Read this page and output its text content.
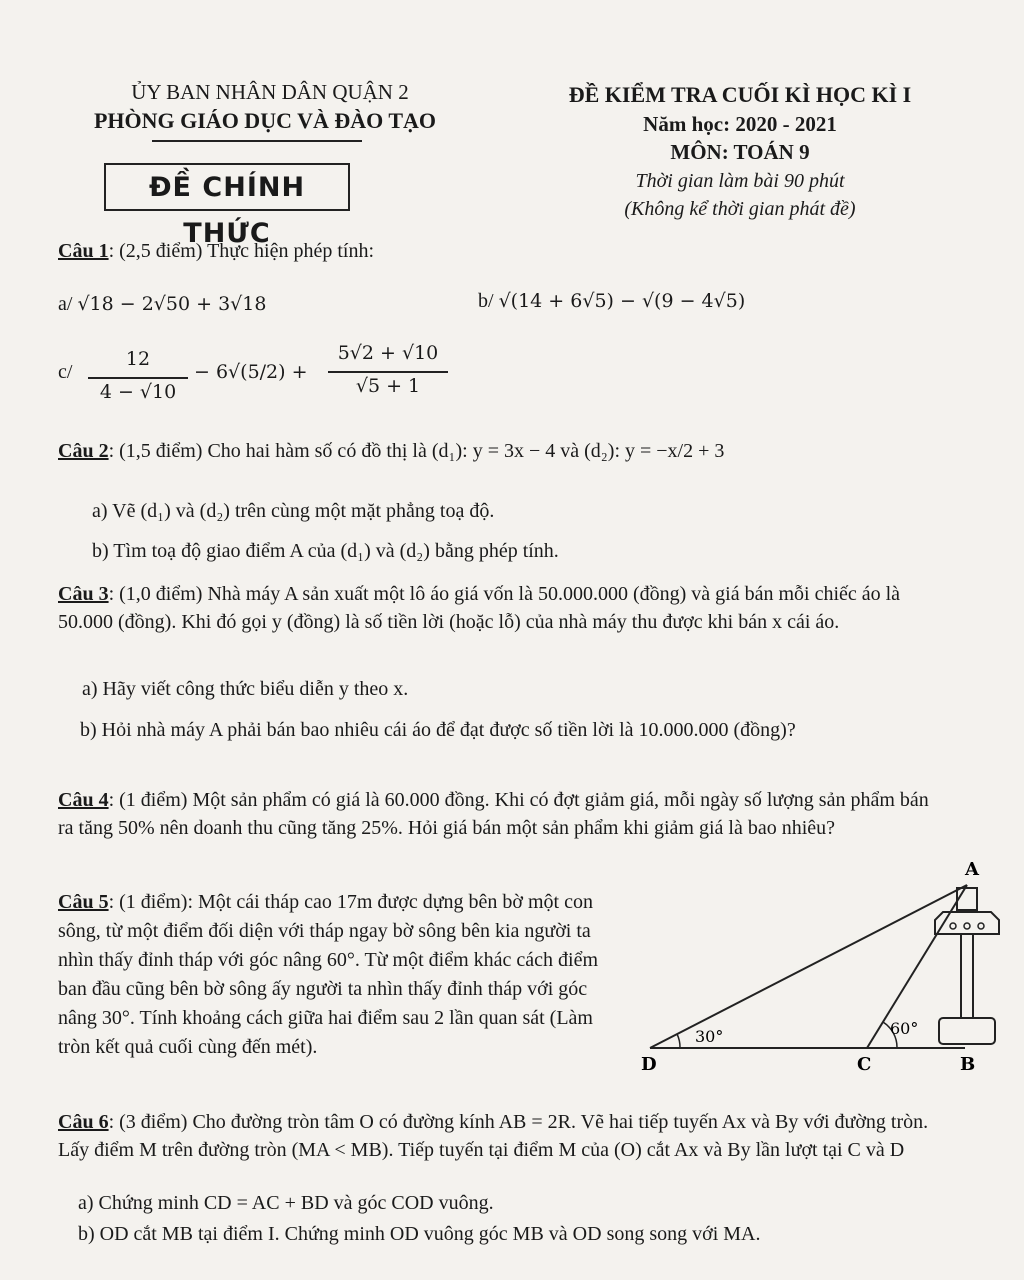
ỦY BAN NHÂN DÂN QUẬN 2
PHÒNG GIÁO DỤC VÀ ĐÀO TẠO
ĐỀ CHÍNH THỨC
ĐỀ KIỂM TRA CUỐI KÌ HỌC KÌ I
Năm học: 2020 - 2021
MÔN: TOÁN 9
Thời gian làm bài 90 phút
(Không kể thời gian phát đề)
Câu 1: (2,5 điểm) Thực hiện phép tính:
a/ √18 − 2√50 + 3√18	b/ √(14 + 6√5) − √(9 − 4√5)
c/
12
4 − √10
− 6√(5/2) +
5√2 + √10
√5 + 1
Câu 2: (1,5 điểm) Cho hai hàm số có đồ thị là (d₁): y = 3x − 4 và (d₂): y = −x/2 + 3
a) Vẽ (d₁) và (d₂) trên cùng một mặt phẳng toạ độ.
b) Tìm toạ độ giao điểm A của (d₁) và (d₂) bằng phép tính.
Câu 3: (1,0 điểm) Nhà máy A sản xuất một lô áo giá vốn là 50.000.000 (đồng) và giá bán mỗi chiếc áo là 50.000 (đồng). Khi đó gọi y (đồng) là số tiền lời (hoặc lỗ) của nhà máy thu được khi bán x cái áo.
a) Hãy viết công thức biểu diễn y theo x.
b) Hỏi nhà máy A phải bán bao nhiêu cái áo để đạt được số tiền lời là 10.000.000 (đồng)?
Câu 4: (1 điểm) Một sản phẩm có giá là 60.000 đồng. Khi có đợt giảm giá, mỗi ngày số lượng sản phẩm bán ra tăng 50% nên doanh thu cũng tăng 25%. Hỏi giá bán một sản phẩm khi giảm giá là bao nhiêu?
Câu 5: (1 điểm): Một cái tháp cao 17m được dựng bên bờ một con sông, từ một điểm đối diện với tháp ngay bờ sông bên kia người ta nhìn thấy đỉnh tháp với góc nâng 60°. Từ một điểm khác cách điểm ban đầu cũng bên bờ sông ấy người ta nhìn thấy đỉnh tháp với góc nâng 30°. Tính khoảng cách giữa hai điểm sau 2 lần quan sát (Làm tròn kết quả cuối cùng đến mét).	30°	60°
A
B
C
D
Câu 6: (3 điểm) Cho đường tròn tâm O có đường kính AB = 2R. Vẽ hai tiếp tuyến Ax và By với đường tròn. Lấy điểm M trên đường tròn (MA < MB). Tiếp tuyến tại điểm M của (O) cắt Ax và By lần lượt tại C và D
a) Chứng minh CD = AC + BD và góc COD vuông.
b) OD cắt MB tại điểm I. Chứng minh OD vuông góc MB và OD song song với MA.
